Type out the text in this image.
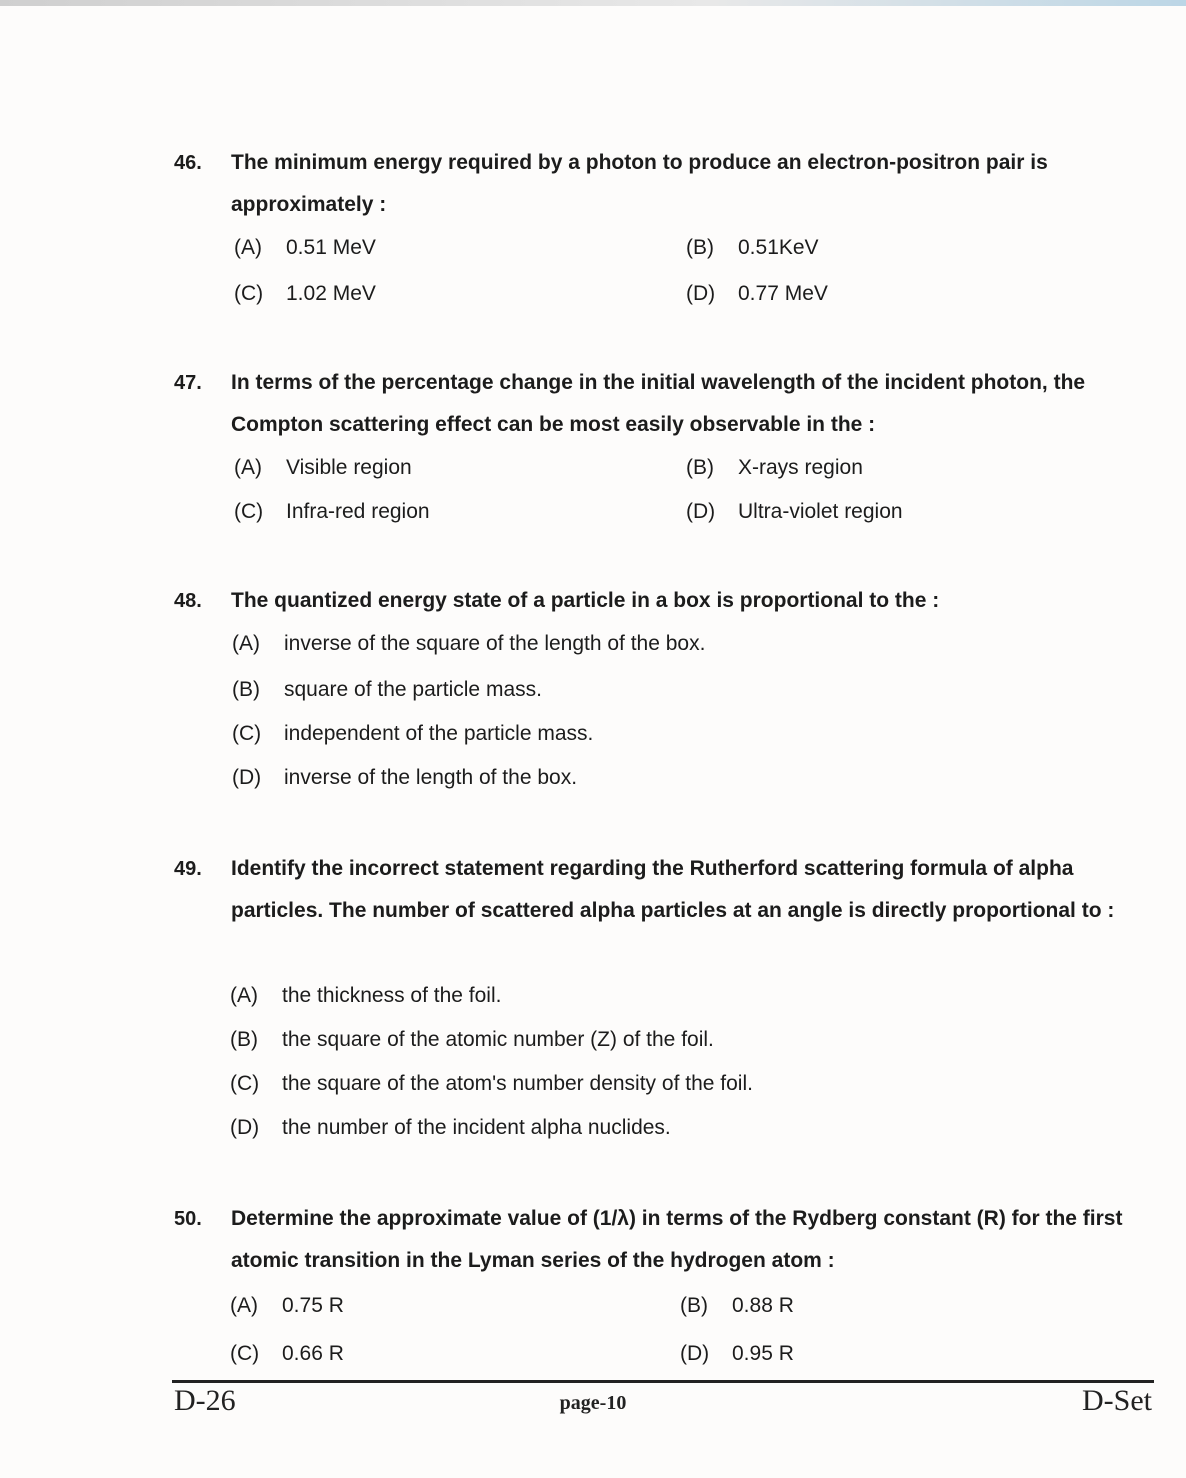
46. The minimum energy required by a photon to produce an electron-positron pair is approximately :
(A) 0.51 MeV	(B) 0.51KeV
(C) 1.02 MeV	(D) 0.77 MeV
47. In terms of the percentage change in the initial wavelength of the incident photon, the Compton scattering effect can be most easily observable in the :
(A) Visible region	(B) X-rays region
(C) Infra-red region	(D) Ultra-violet region
48. The quantized energy state of a particle in a box is proportional to the :
(A) inverse of the square of the length of the box.
(B) square of the particle mass.
(C) independent of the particle mass.
(D) inverse of the length of the box.
49. Identify the incorrect statement regarding the Rutherford scattering formula of alpha particles. The number of scattered alpha particles at an angle is directly proportional to :
(A) the thickness of the foil.
(B) the square of the atomic number (Z) of the foil.
(C) the square of the atom's number density of the foil.
(D) the number of the incident alpha nuclides.
50. Determine the approximate value of (1/λ) in terms of the Rydberg constant (R) for the first atomic transition in the Lyman series of the hydrogen atom :
(A) 0.75 R	(B) 0.88 R
(C) 0.66 R	(D) 0.95 R
D-26	page-10	D-Set
